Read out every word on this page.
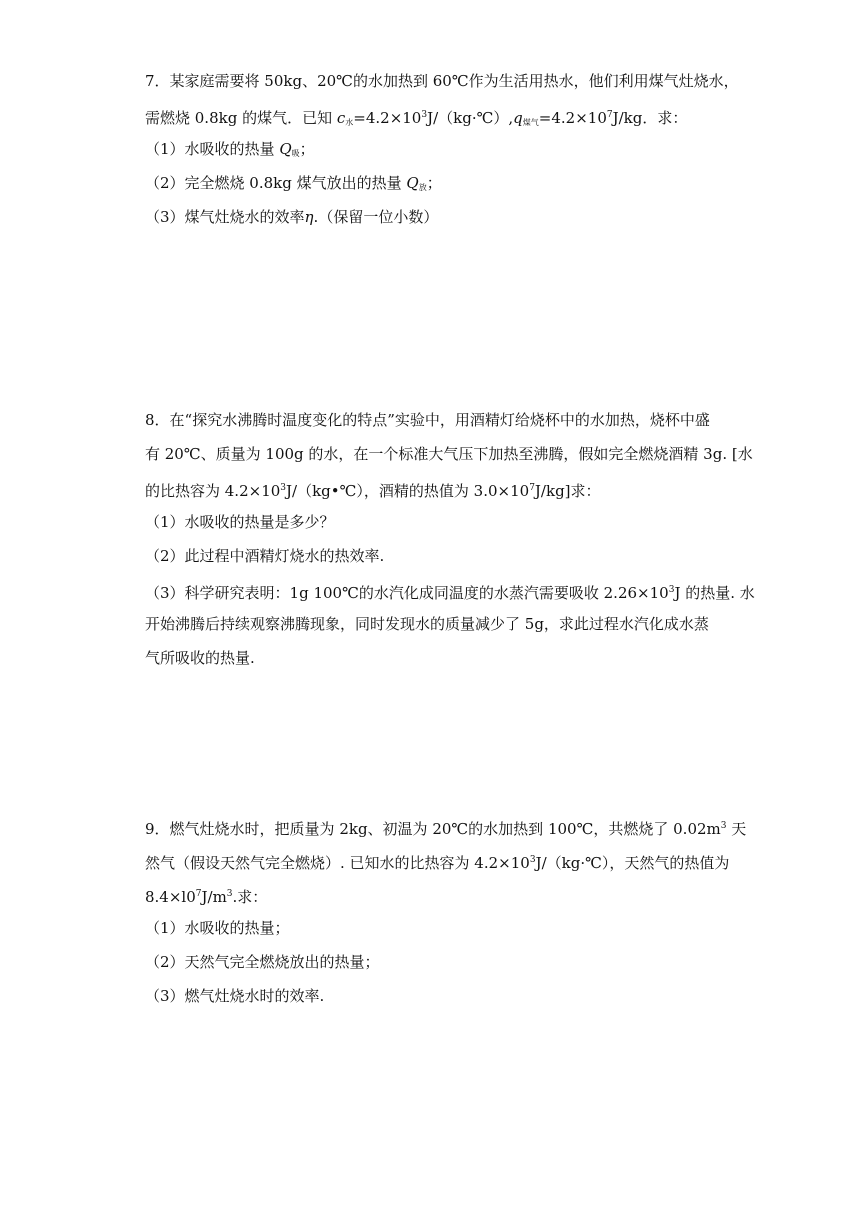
7．某家庭需要将 50kg、20℃的水加热到 60℃作为生活用热水，他们利用煤气灶烧水，
需燃烧 0.8kg 的煤气．已知 $c_水=4.2\times 10^3J/(kg\cdot℃),q_{煤气}=4.2\times 10^7J/kg$．求：
（1）水吸收的热量 $Q_吸$；
（2）完全燃烧 0.8kg 煤气放出的热量 $Q_放$；
（3）煤气灶烧水的效率η.（保留一位小数）
8．在“探究水沸腾时温度变化的特点”实验中，用酒精灯给烧杯中的水加热，烧杯中盛
有 20℃、质量为 100g 的水，在一个标准大气压下加热至沸腾，假如完全燃烧酒精 3g. [水
的比热容为 $4.2\times 10^3J/(kg•℃)$，酒精的热值为 $3.0\times 10^7J/kg$]求：
（1）水吸收的热量是多少？
（2）此过程中酒精灯烧水的热效率.
（3）科学研究表明：1g 100℃的水汽化成同温度的水蒸汽需要吸收 $2.26\times 10^3J$ 的热量. 水
开始沸腾后持续观察沸腾现象，同时发现水的质量减少了 5g，求此过程水汽化成水蒸
气所吸收的热量.
9．燃气灶烧水时，把质量为 2kg、初温为 20℃的水加热到 100℃，共燃烧了 $0.02m^3$ 天
然气（假设天然气完全燃烧）. 已知水的比热容为 $4.2\times 10^3J/(kg\cdot℃)$，天然气的热值为
$8.4\times l0^7J/m^3$.求：
（1）水吸收的热量；
（2）天然气完全燃烧放出的热量；
（3）燃气灶烧水时的效率.
